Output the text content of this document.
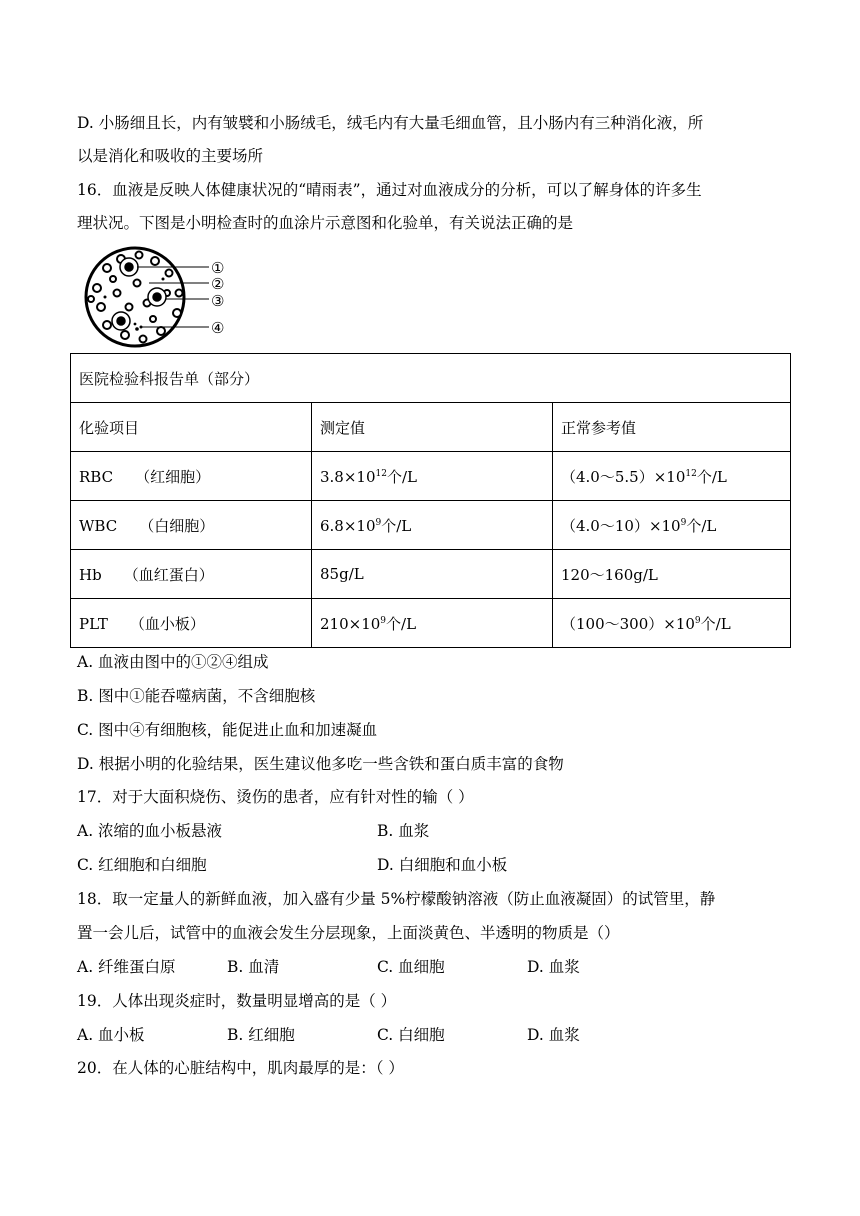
D. 小肠细且长，内有皱襞和小肠绒毛，绒毛内有大量毛细血管，且小肠内有三种消化液，所
以是消化和吸收的主要场所
16．血液是反映人体健康状况的“晴雨表”，通过对血液成分的分析，可以了解身体的许多生
理状况。下图是小明检查时的血涂片示意图和化验单，有关说法正确的是
①
②
③
④
医院检验科报告单（部分）		
化验项目	测定值	正常参考值
RBC （红细胞）	$3.8\times 10^{12}$个/L	$(4.0\sim 5.5)\times 10^{12}$个/L
WBC （白细胞）	$6.8\times 10^9$个/L	$(4.0\sim 10)\times 10^9$个/L
Hb （血红蛋白）	85g/L	120～160g/L
PLT （血小板）	$210\times 10^9$个/L	$(100\sim 300)\times 10^9$个/L
A. 血液由图中的①②④组成
B. 图中①能吞噬病菌，不含细胞核
C. 图中④有细胞核，能促进止血和加速凝血
D. 根据小明的化验结果，医生建议他多吃一些含铁和蛋白质丰富的食物
17．对于大面积烧伤、烫伤的患者，应有针对性的输（ ）
A. 浓缩的血小板悬液	B. 血浆
C. 红细胞和白细胞	D. 白细胞和血小板
18．取一定量人的新鲜血液，加入盛有少量 5%柠檬酸钠溶液（防止血液凝固）的试管里，静
置一会儿后，试管中的血液会发生分层现象，上面淡黄色、半透明的物质是（）
A. 纤维蛋白原	B. 血清	C. 血细胞	D. 血浆
19．人体出现炎症时，数量明显增高的是（ ）
A. 血小板	B. 红细胞	C. 白细胞	D. 血浆
20．在人体的心脏结构中，肌肉最厚的是：（ ）
